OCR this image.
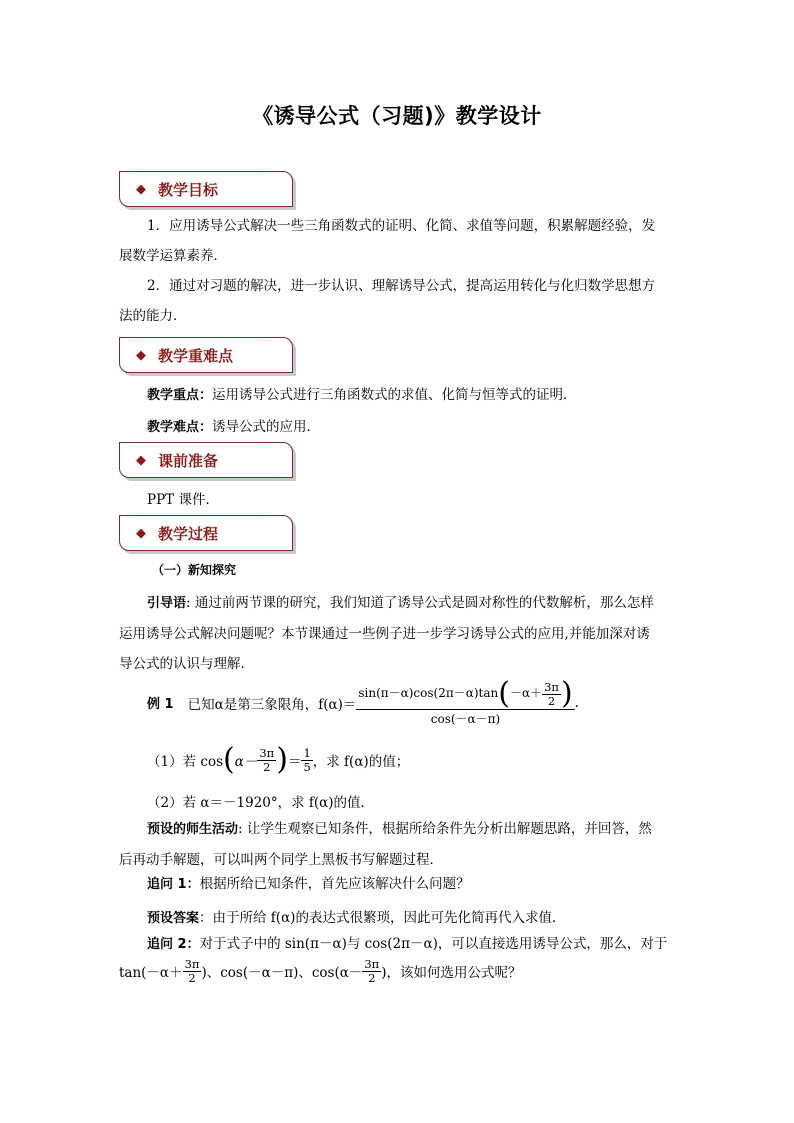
《诱导公式（习题)》教学设计
◆ 教学目标
1．应用诱导公式解决一些三角函数式的证明、化简、求值等问题，积累解题经验，发
展数学运算素养．
2．通过对习题的解决，进一步认识、理解诱导公式，提高运用转化与化归数学思想方
法的能力．
◆ 教学重难点
教学重点：运用诱导公式进行三角函数式的求值、化简与恒等式的证明．
教学难点：诱导公式的应用．
◆ 课前准备
PPT 课件．
◆ 教学过程
（一）新知探究
引导语: 通过前两节课的研究，我们知道了诱导公式是圆对称性的代数解析，那么怎样
运用诱导公式解决问题呢？本节课通过一些例子进一步学习诱导公式的应用,并能加深对诱
导公式的认识与理解．
例 1 已知α是第三象限角，f(α)＝
sin(π－α)cos(2π－α)tan ( $-\alpha+ \frac{3\pi}{2}$ )
cos(－α－π)
.
（1）若 cos ( $\alpha- \frac{3\pi}{2}$ ) ＝ $\frac{1}{5}$ ，求 f(α)的值；
（2）若 α＝－1920°，求 f(α)的值．
预设的师生活动: 让学生观察已知条件，根据所给条件先分析出解题思路，并回答，然
后再动手解题，可以叫两个同学上黑板书写解题过程．
追问 1：根据所给已知条件，首先应该解决什么问题？
预设答案：由于所给 f(α)的表达式很繁琐，因此可先化简再代入求值．
追问 2：对于式子中的 sin(π－α)与 cos(2π－α)，可以直接选用诱导公式，那么，对于
$\tan(-\alpha+ \frac{3\pi}{2}$ )、cos(－α－π)、$\cos(\alpha- \frac{3\pi}{2}$ )，该如何选用公式呢？
